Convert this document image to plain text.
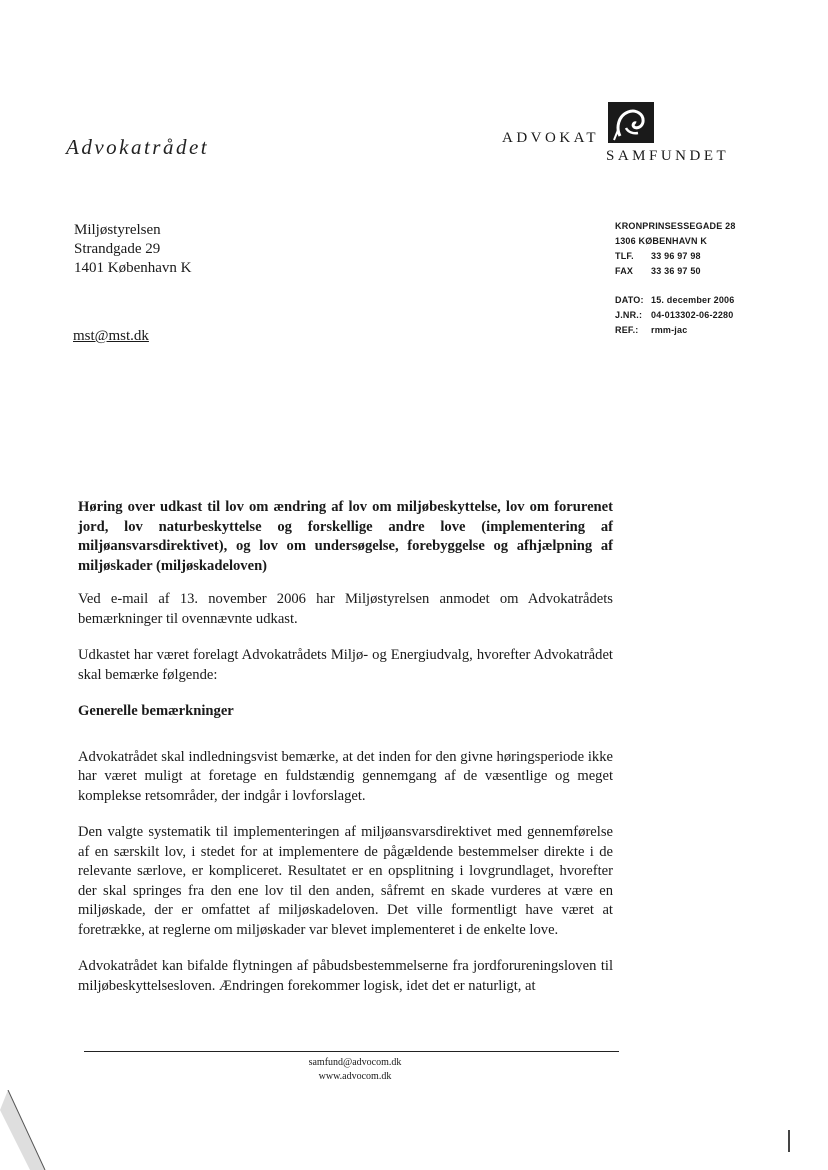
Advokatrådet	ADVOKAT
SAMFUNDET
Miljøstyrelsen
Strandgade 29
1401 København K
KRONPRINSESSEGADE 28
1306 KØBENHAVN K
TLF. 33 96 97 98
FAX 33 36 97 50
DATO: 15. december 2006
J.NR.: 04-013302-06-2280
REF.: rmm-jac
mst@mst.dk

Høring over udkast til lov om ændring af lov om miljøbeskyttelse, lov om forurenet jord, lov naturbeskyttelse og forskellige andre love (implementering af miljøansvarsdirektivet), og lov om undersøgelse, forebyggelse og afhjælpning af miljøskader (miljøskadeloven)

Ved e-mail af 13. november 2006 har Miljøstyrelsen anmodet om Advokatrådets bemærkninger til ovennævnte udkast.

Udkastet har været forelagt Advokatrådets Miljø- og Energiudvalg, hvorefter Advokatrådet skal bemærke følgende:

Generelle bemærkninger

Advokatrådet skal indledningsvist bemærke, at det inden for den givne høringsperiode ikke har været muligt at foretage en fuldstændig gennemgang af de væsentlige og meget komplekse retsområder, der indgår i lovforslaget.

Den valgte systematik til implementeringen af miljøansvarsdirektivet med gennemførelse af en særskilt lov, i stedet for at implementere de pågældende bestemmelser direkte i de relevante særlove, er kompliceret. Resultatet er en opsplitning i lovgrundlaget, hvorefter der skal springes fra den ene lov til den anden, såfremt en skade vurderes at være en miljøskade, der er omfattet af miljøskadeloven. Det ville formentligt have været at foretrække, at reglerne om miljøskader var blevet implementeret i de enkelte love.

Advokatrådet kan bifalde flytningen af påbudsbestemmelserne fra jordforureningsloven til miljøbeskyttelsesloven. Ændringen forekommer logisk, idet det er naturligt, at

samfund@advocom.dk
www.advocom.dk
